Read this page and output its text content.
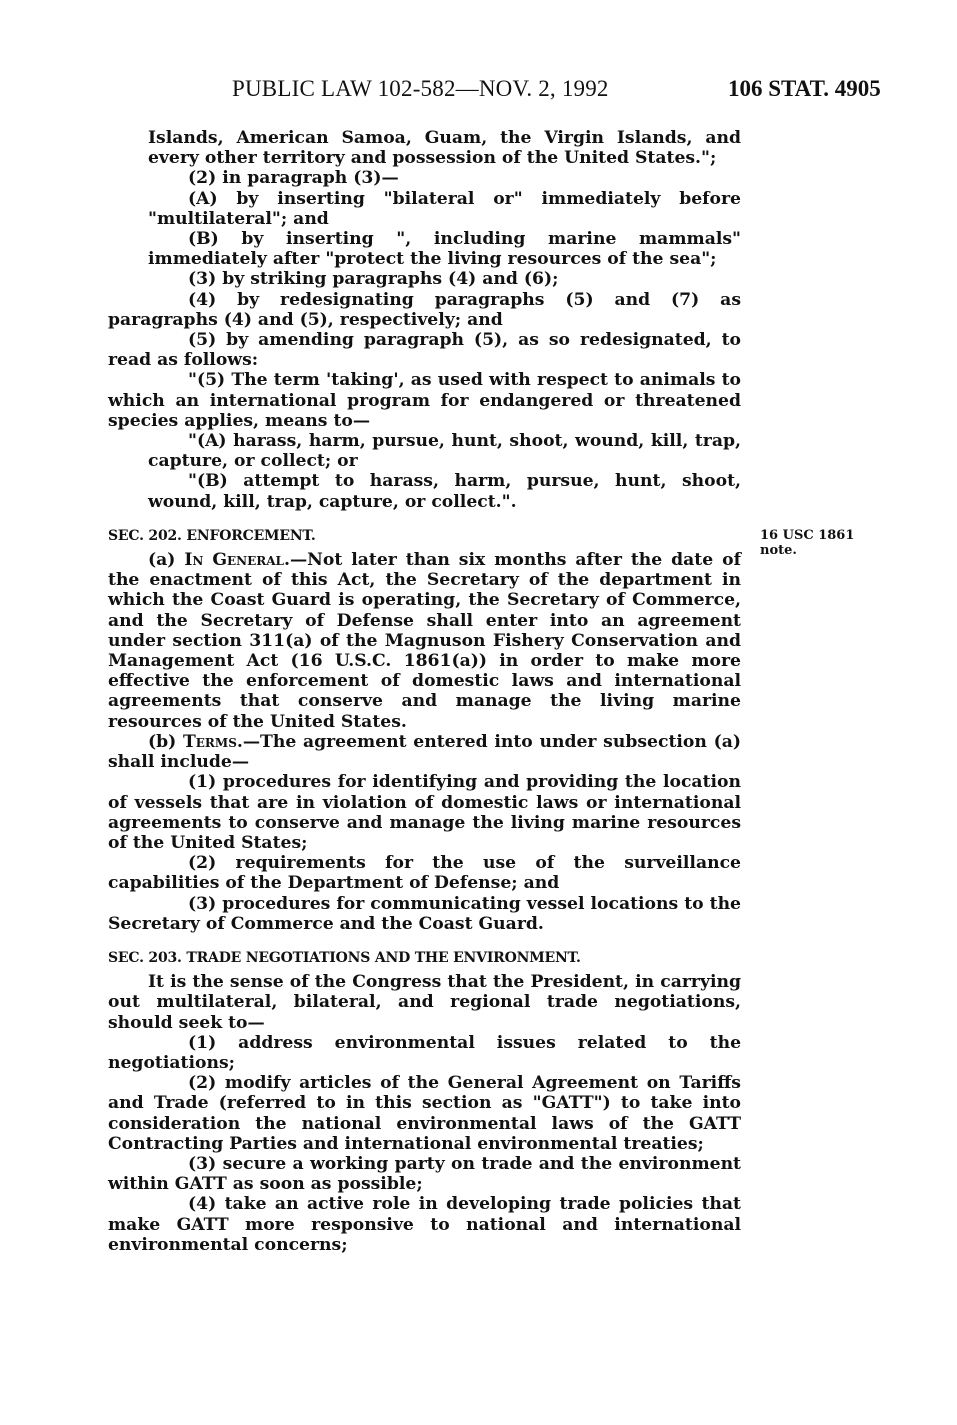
PUBLIC LAW 102-582—NOV. 2, 1992	106 STAT. 4905
16 USC 1861
note.

Islands, American Samoa, Guam, the Virgin Islands, and every other territory and possession of the United States.";

(2) in paragraph (3)—

(A) by inserting "bilateral or" immediately before "multilateral"; and

(B) by inserting ", including marine mammals" immediately after "protect the living resources of the sea";

(3) by striking paragraphs (4) and (6);

(4) by redesignating paragraphs (5) and (7) as paragraphs (4) and (5), respectively; and

(5) by amending paragraph (5), as so redesignated, to read as follows:

"(5) The term 'taking', as used with respect to animals to which an international program for endangered or threatened species applies, means to—

"(A) harass, harm, pursue, hunt, shoot, wound, kill, trap, capture, or collect; or

"(B) attempt to harass, harm, pursue, hunt, shoot, wound, kill, trap, capture, or collect.".

SEC. 202. ENFORCEMENT.

(a) In General.—Not later than six months after the date of the enactment of this Act, the Secretary of the department in which the Coast Guard is operating, the Secretary of Commerce, and the Secretary of Defense shall enter into an agreement under section 311(a) of the Magnuson Fishery Conservation and Management Act (16 U.S.C. 1861(a)) in order to make more effective the enforcement of domestic laws and international agreements that conserve and manage the living marine resources of the United States.

(b) Terms.—The agreement entered into under subsection (a) shall include—

(1) procedures for identifying and providing the location of vessels that are in violation of domestic laws or international agreements to conserve and manage the living marine resources of the United States;

(2) requirements for the use of the surveillance capabilities of the Department of Defense; and

(3) procedures for communicating vessel locations to the Secretary of Commerce and the Coast Guard.

SEC. 203. TRADE NEGOTIATIONS AND THE ENVIRONMENT.

It is the sense of the Congress that the President, in carrying out multilateral, bilateral, and regional trade negotiations, should seek to—

(1) address environmental issues related to the negotiations;

(2) modify articles of the General Agreement on Tariffs and Trade (referred to in this section as "GATT") to take into consideration the national environmental laws of the GATT Contracting Parties and international environmental treaties;

(3) secure a working party on trade and the environment within GATT as soon as possible;

(4) take an active role in developing trade policies that make GATT more responsive to national and international environmental concerns;
